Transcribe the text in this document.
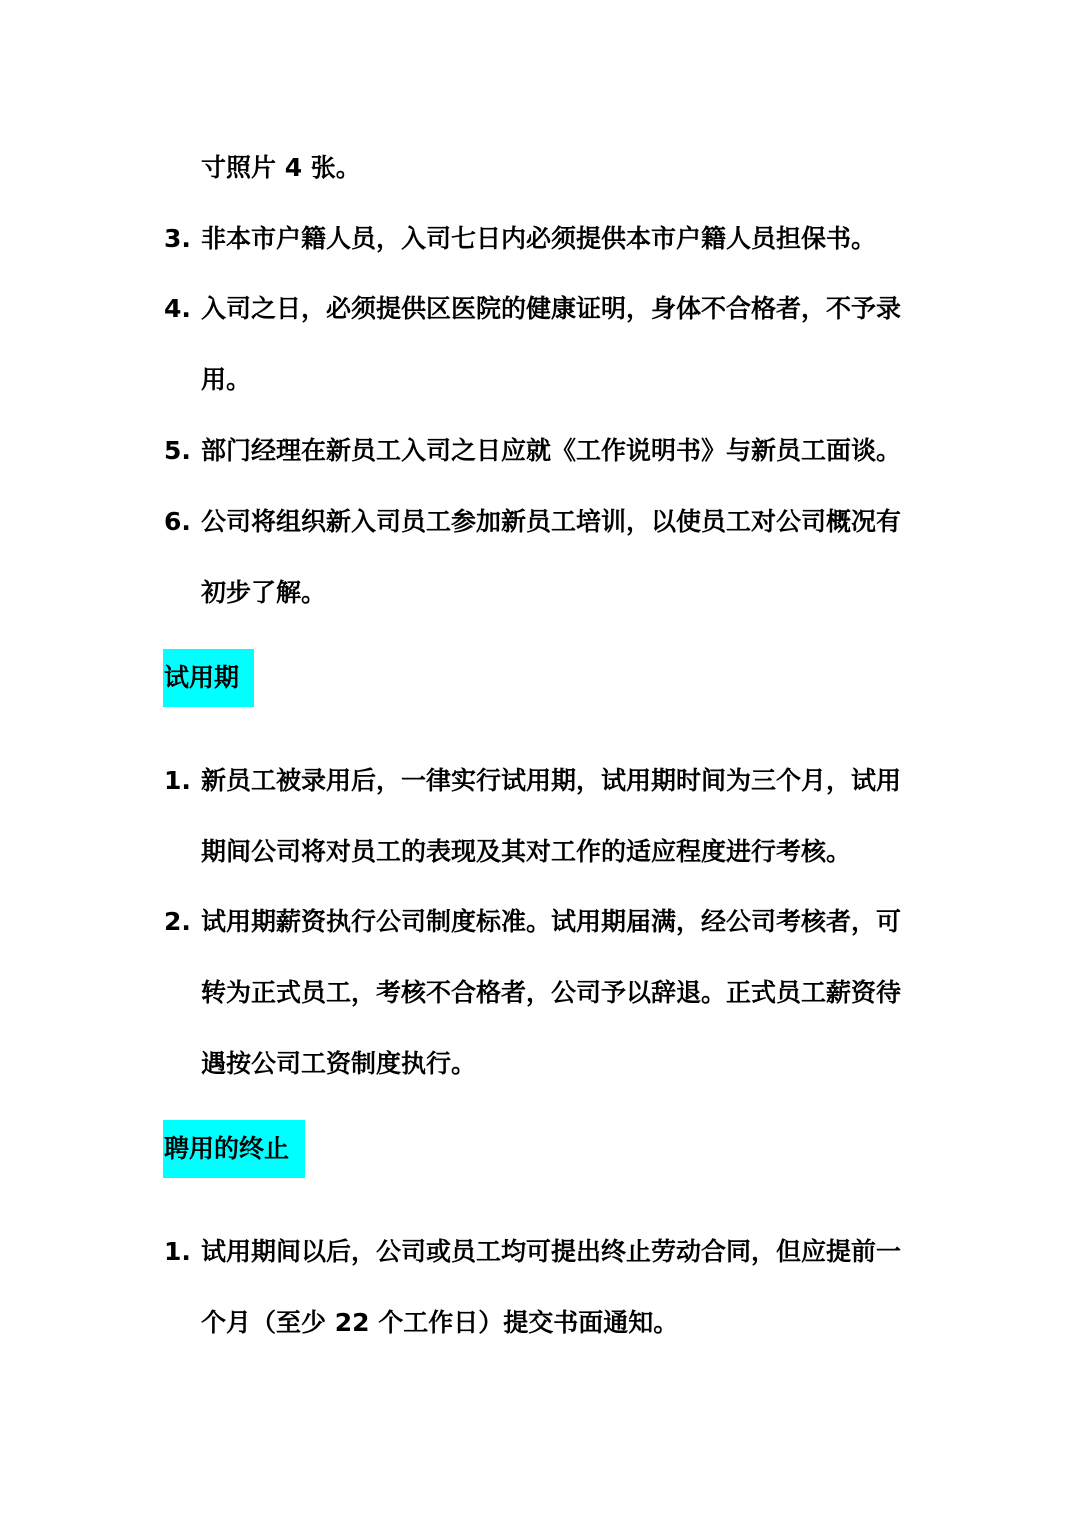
寸照片 4 张。
3. 非本市户籍人员，入司七日内必须提供本市户籍人员担保书。
4. 入司之日，必须提供区医院的健康证明，身体不合格者，不予录
用。
5. 部门经理在新员工入司之日应就《工作说明书》与新员工面谈。
6. 公司将组织新入司员工参加新员工培训，以使员工对公司概况有
初步了解。
试用期
1. 新员工被录用后，一律实行试用期，试用期时间为三个月，试用
期间公司将对员工的表现及其对工作的适应程度进行考核。
2. 试用期薪资执行公司制度标准。试用期届满，经公司考核者，可
转为正式员工，考核不合格者，公司予以辞退。正式员工薪资待
遇按公司工资制度执行。
聘用的终止
1. 试用期间以后，公司或员工均可提出终止劳动合同，但应提前一
个月（至少 22 个工作日）提交书面通知。
